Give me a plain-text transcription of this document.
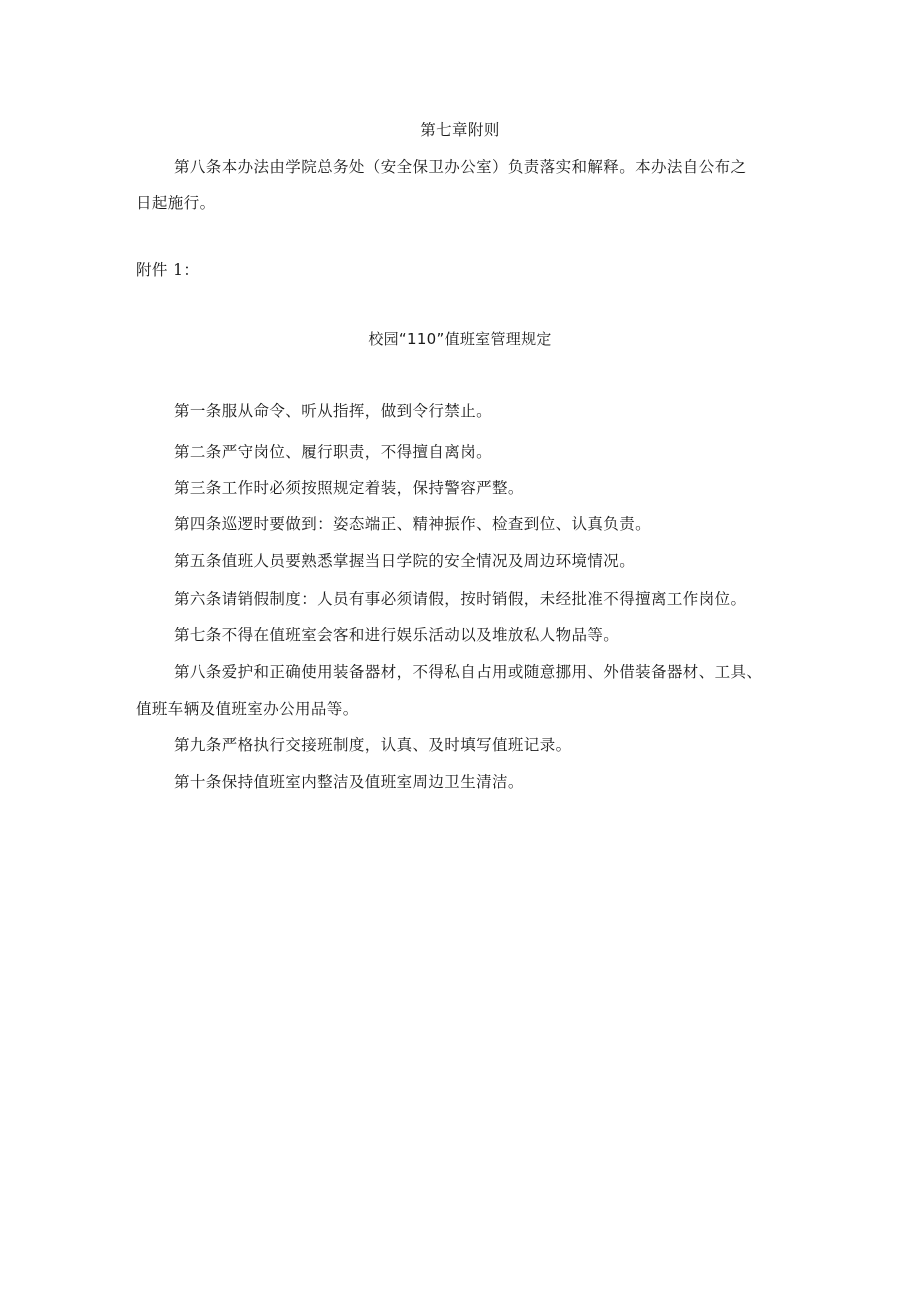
第七章附则
第八条本办法由学院总务处（安全保卫办公室）负责落实和解释。本办法自公布之
日起施行。
附件 1：
校园“110”值班室管理规定
第一条服从命令、听从指挥，做到令行禁止。
第二条严守岗位、履行职责，不得擅自离岗。
第三条工作时必须按照规定着装，保持警容严整。
第四条巡逻时要做到：姿态端正、精神振作、检查到位、认真负责。
第五条值班人员要熟悉掌握当日学院的安全情况及周边环境情况。
第六条请销假制度：人员有事必须请假，按时销假，未经批准不得擅离工作岗位。
第七条不得在值班室会客和进行娱乐活动以及堆放私人物品等。
第八条爱护和正确使用装备器材，不得私自占用或随意挪用、外借装备器材、工具、
值班车辆及值班室办公用品等。
第九条严格执行交接班制度，认真、及时填写值班记录。
第十条保持值班室内整洁及值班室周边卫生清洁。
